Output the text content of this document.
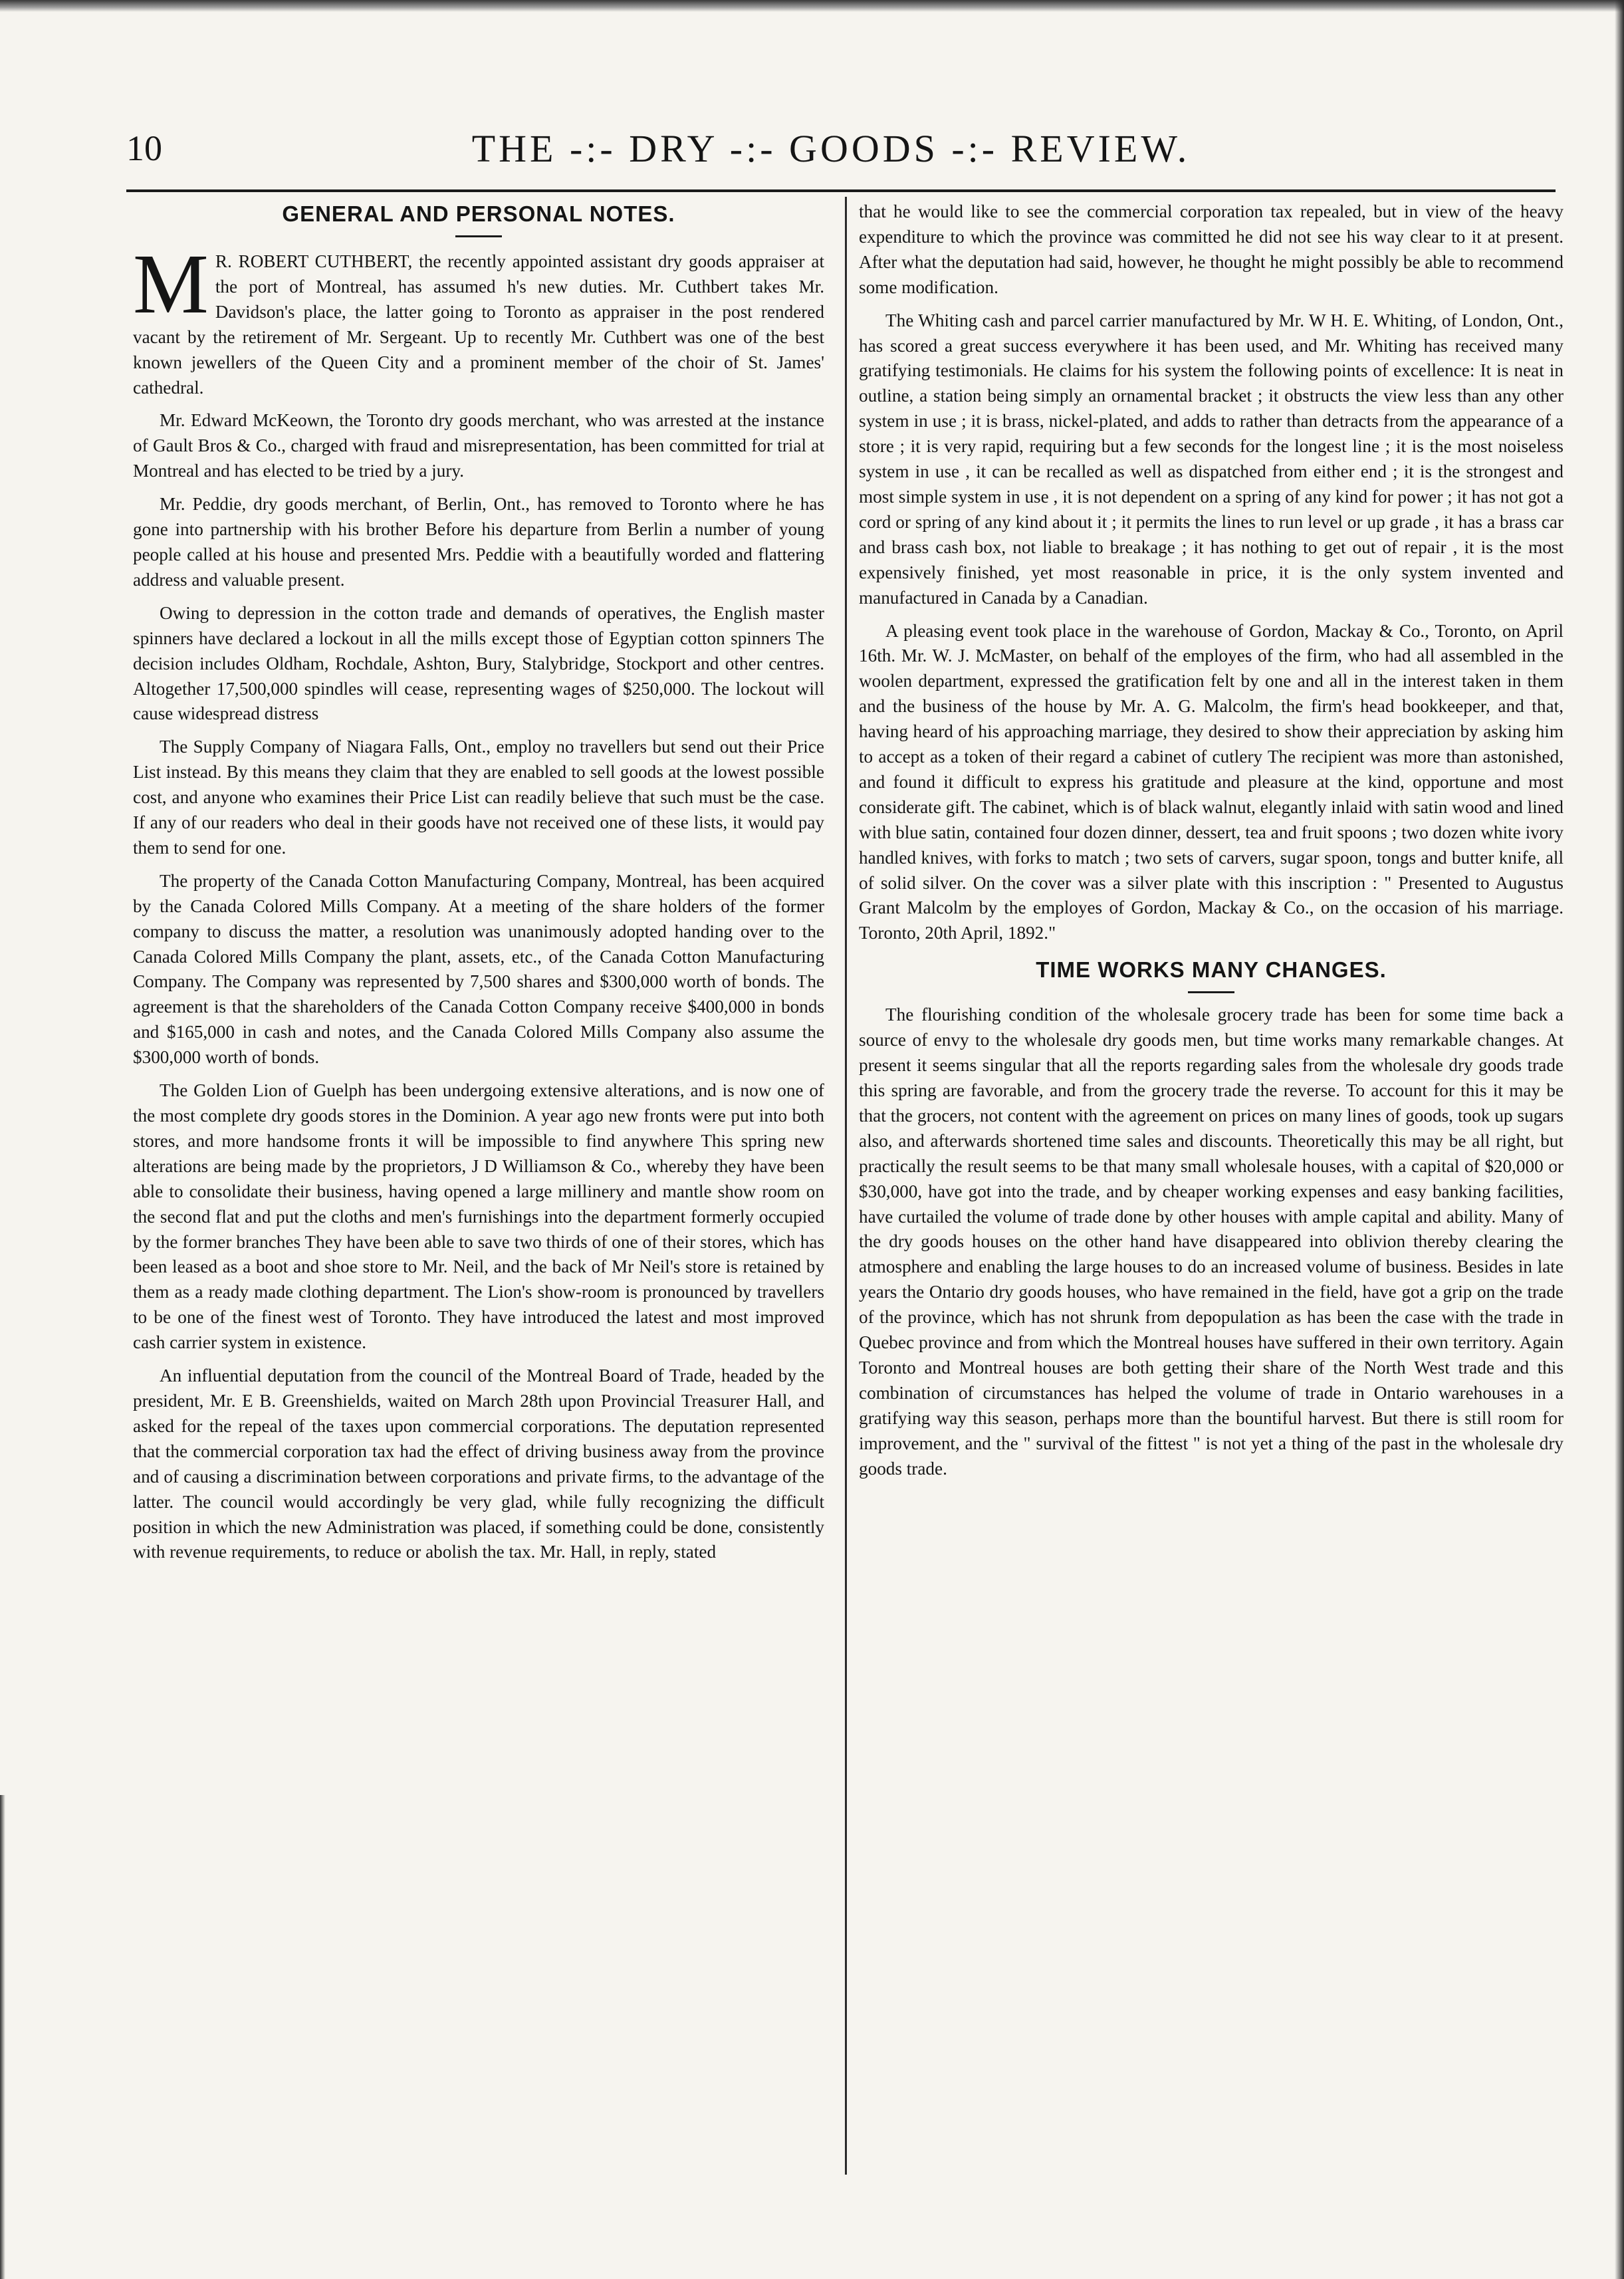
10	THE -:- DRY -:- GOODS -:- REVIEW.
GENERAL AND PERSONAL NOTES.

M R. ROBERT CUTHBERT, the recently appointed assistant dry goods appraiser at the port of Montreal, has assumed h's new duties. Mr. Cuthbert takes Mr. Davidson's place, the latter going to Toronto as appraiser in the post rendered vacant by the retirement of Mr. Sergeant. Up to recently Mr. Cuthbert was one of the best known jewellers of the Queen City and a prominent member of the choir of St. James' cathedral.

Mr. Edward McKeown, the Toronto dry goods merchant, who was arrested at the instance of Gault Bros & Co., charged with fraud and misrepresentation, has been committed for trial at Montreal and has elected to be tried by a jury.

Mr. Peddie, dry goods merchant, of Berlin, Ont., has removed to Toronto where he has gone into partnership with his brother Before his departure from Berlin a number of young people called at his house and presented Mrs. Peddie with a beautifully worded and flattering address and valuable present.

Owing to depression in the cotton trade and demands of operatives, the English master spinners have declared a lockout in all the mills except those of Egyptian cotton spinners The decision includes Oldham, Rochdale, Ashton, Bury, Stalybridge, Stockport and other centres. Altogether 17,500,000 spindles will cease, representing wages of $250,000. The lockout will cause widespread distress

The Supply Company of Niagara Falls, Ont., employ no travellers but send out their Price List instead. By this means they claim that they are enabled to sell goods at the lowest possible cost, and anyone who examines their Price List can readily believe that such must be the case. If any of our readers who deal in their goods have not received one of these lists, it would pay them to send for one.

The property of the Canada Cotton Manufacturing Company, Montreal, has been acquired by the Canada Colored Mills Company. At a meeting of the share holders of the former company to discuss the matter, a resolution was unanimously adopted handing over to the Canada Colored Mills Company the plant, assets, etc., of the Canada Cotton Manufacturing Company. The Company was represented by 7,500 shares and $300,000 worth of bonds. The agreement is that the shareholders of the Canada Cotton Company receive $400,000 in bonds and $165,000 in cash and notes, and the Canada Colored Mills Company also assume the $300,000 worth of bonds.

The Golden Lion of Guelph has been undergoing extensive alterations, and is now one of the most complete dry goods stores in the Dominion. A year ago new fronts were put into both stores, and more handsome fronts it will be impossible to find anywhere This spring new alterations are being made by the proprietors, J D Williamson & Co., whereby they have been able to consolidate their business, having opened a large millinery and mantle show room on the second flat and put the cloths and men's furnishings into the department formerly occupied by the former branches They have been able to save two thirds of one of their stores, which has been leased as a boot and shoe store to Mr. Neil, and the back of Mr Neil's store is retained by them as a ready made clothing department. The Lion's show-room is pronounced by travellers to be one of the finest west of Toronto. They have introduced the latest and most improved cash carrier system in existence.

An influential deputation from the council of the Montreal Board of Trade, headed by the president, Mr. E B. Greenshields, waited on March 28th upon Provincial Treasurer Hall, and asked for the repeal of the taxes upon commercial corporations. The deputation represented that the commercial corporation tax had the effect of driving business away from the province and of causing a discrimination between corporations and private firms, to the advantage of the latter. The council would accordingly be very glad, while fully recognizing the difficult position in which the new Administration was placed, if something could be done, consistently with revenue requirements, to reduce or abolish the tax. Mr. Hall, in reply, stated

that he would like to see the commercial corporation tax repealed, but in view of the heavy expenditure to which the province was committed he did not see his way clear to it at present. After what the deputation had said, however, he thought he might possibly be able to recommend some modification.

The Whiting cash and parcel carrier manufactured by Mr. W H. E. Whiting, of London, Ont., has scored a great success everywhere it has been used, and Mr. Whiting has received many gratifying testimonials. He claims for his system the following points of excellence: It is neat in outline, a station being simply an ornamental bracket ; it obstructs the view less than any other system in use ; it is brass, nickel-plated, and adds to rather than detracts from the appearance of a store ; it is very rapid, requiring but a few seconds for the longest line ; it is the most noiseless system in use , it can be recalled as well as dispatched from either end ; it is the strongest and most simple system in use , it is not dependent on a spring of any kind for power ; it has not got a cord or spring of any kind about it ; it permits the lines to run level or up grade , it has a brass car and brass cash box, not liable to breakage ; it has nothing to get out of repair , it is the most expensively finished, yet most reasonable in price, it is the only system invented and manufactured in Canada by a Canadian.

A pleasing event took place in the warehouse of Gordon, Mackay & Co., Toronto, on April 16th. Mr. W. J. McMaster, on behalf of the employes of the firm, who had all assembled in the woolen department, expressed the gratification felt by one and all in the interest taken in them and the business of the house by Mr. A. G. Malcolm, the firm's head bookkeeper, and that, having heard of his approaching marriage, they desired to show their appreciation by asking him to accept as a token of their regard a cabinet of cutlery The recipient was more than astonished, and found it difficult to express his gratitude and pleasure at the kind, opportune and most considerate gift. The cabinet, which is of black walnut, elegantly inlaid with satin wood and lined with blue satin, contained four dozen dinner, dessert, tea and fruit spoons ; two dozen white ivory handled knives, with forks to match ; two sets of carvers, sugar spoon, tongs and butter knife, all of solid silver. On the cover was a silver plate with this inscription : " Presented to Augustus Grant Malcolm by the employes of Gordon, Mackay & Co., on the occasion of his marriage. Toronto, 20th April, 1892."

TIME WORKS MANY CHANGES.

The flourishing condition of the wholesale grocery trade has been for some time back a source of envy to the wholesale dry goods men, but time works many remarkable changes. At present it seems singular that all the reports regarding sales from the wholesale dry goods trade this spring are favorable, and from the grocery trade the reverse. To account for this it may be that the grocers, not content with the agreement on prices on many lines of goods, took up sugars also, and afterwards shortened time sales and discounts. Theoretically this may be all right, but practically the result seems to be that many small wholesale houses, with a capital of $20,000 or $30,000, have got into the trade, and by cheaper working expenses and easy banking facilities, have curtailed the volume of trade done by other houses with ample capital and ability. Many of the dry goods houses on the other hand have disappeared into oblivion thereby clearing the atmosphere and enabling the large houses to do an increased volume of business. Besides in late years the Ontario dry goods houses, who have remained in the field, have got a grip on the trade of the province, which has not shrunk from depopulation as has been the case with the trade in Quebec province and from which the Montreal houses have suffered in their own territory. Again Toronto and Montreal houses are both getting their share of the North West trade and this combination of circumstances has helped the volume of trade in Ontario warehouses in a gratifying way this season, perhaps more than the bountiful harvest. But there is still room for improvement, and the " survival of the fittest " is not yet a thing of the past in the wholesale dry goods trade.
